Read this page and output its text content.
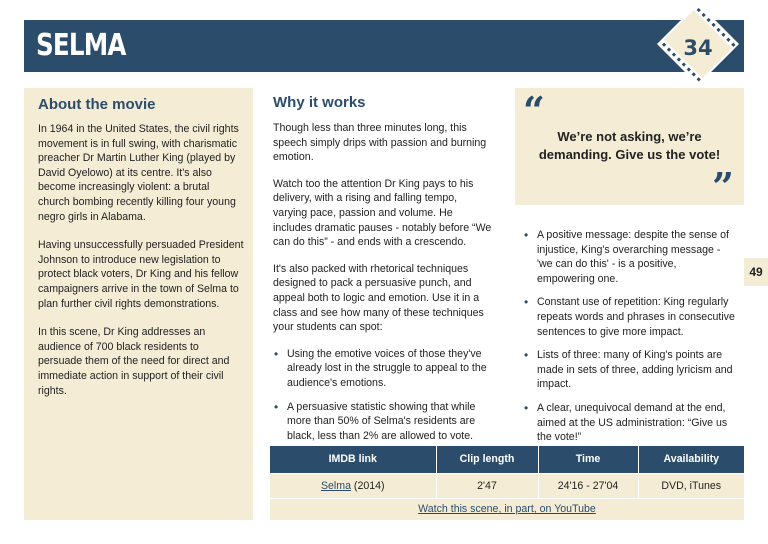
SELMA	34
About the movie

In 1964 in the United States, the civil rights movement is in full swing, with charismatic preacher Dr Martin Luther King (played by David Oyelowo) at its centre. It's also become increasingly violent: a brutal church bombing recently killing four young negro girls in Alabama.

Having unsuccessfully persuaded President Johnson to introduce new legislation to protect black voters, Dr King and his fellow campaigners arrive in the town of Selma to plan further civil rights demonstrations.

In this scene, Dr King addresses an audience of 700 black residents to persuade them of the need for direct and immediate action in support of their civil rights.

Why it works

Though less than three minutes long, this speech simply drips with passion and burning emotion.

Watch too the attention Dr King pays to his delivery, with a rising and falling tempo, varying pace, passion and volume. He includes dramatic pauses - notably before “We can do this” - and ends with a crescendo.

It's also packed with rhetorical techniques designed to pack a persuasive punch, and appeal both to logic and emotion. Use it in a class and see how many of these techniques your students can spot:

• Using the emotive voices of those they've already lost in the struggle to appeal to the audience's emotions.
• A persuasive statistic showing that while more than 50% of Selma's residents are black, less than 2% are allowed to vote.
“
We’re not asking, we’re demanding. Give us the vote!
”
• A positive message: despite the sense of injustice, King's overarching message - 'we can do this' - is a positive, empowering one.
• Constant use of repetition: King regularly repeats words and phrases in consecutive sentences to give more impact.
• Lists of three: many of King's points are made in sets of three, adding lyricism and impact.
• A clear, unequivocal demand at the end, aimed at the US administration: “Give us the vote!”
49
IMDB link	Clip length	Time	Availability
Selma (2014)	2'47	24'16 - 27'04	DVD, iTunes
Watch this scene, in part, on YouTube			
